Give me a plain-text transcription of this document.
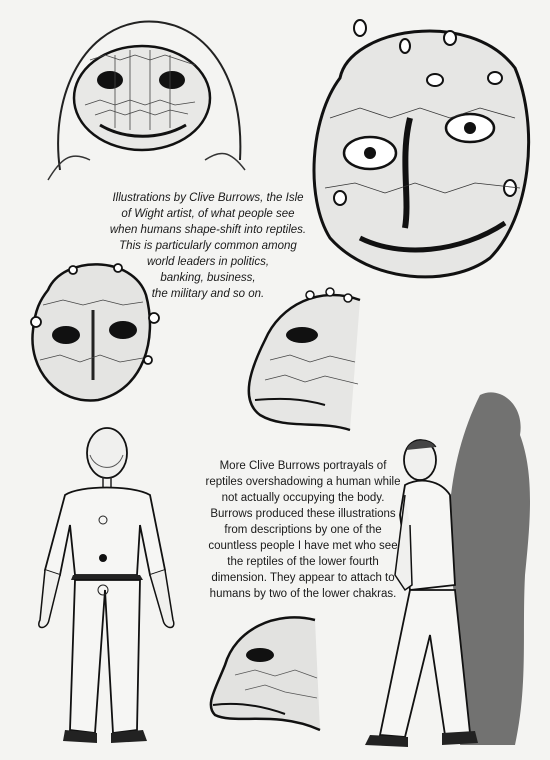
Illustrations by Clive Burrows, the Isle
of Wight artist, of what people see
when humans shape-shift into reptiles.
This is particularly common among
world leaders in politics,
banking, business,
the military and so on.
More Clive Burrows portrayals of
reptiles overshadowing a human while
not actually occupying the body.
Burrows produced these illustrations
from descriptions by one of the
countless people I have met who see
the reptiles of the lower fourth
dimension. They appear to attach to
humans by two of the lower chakras.
